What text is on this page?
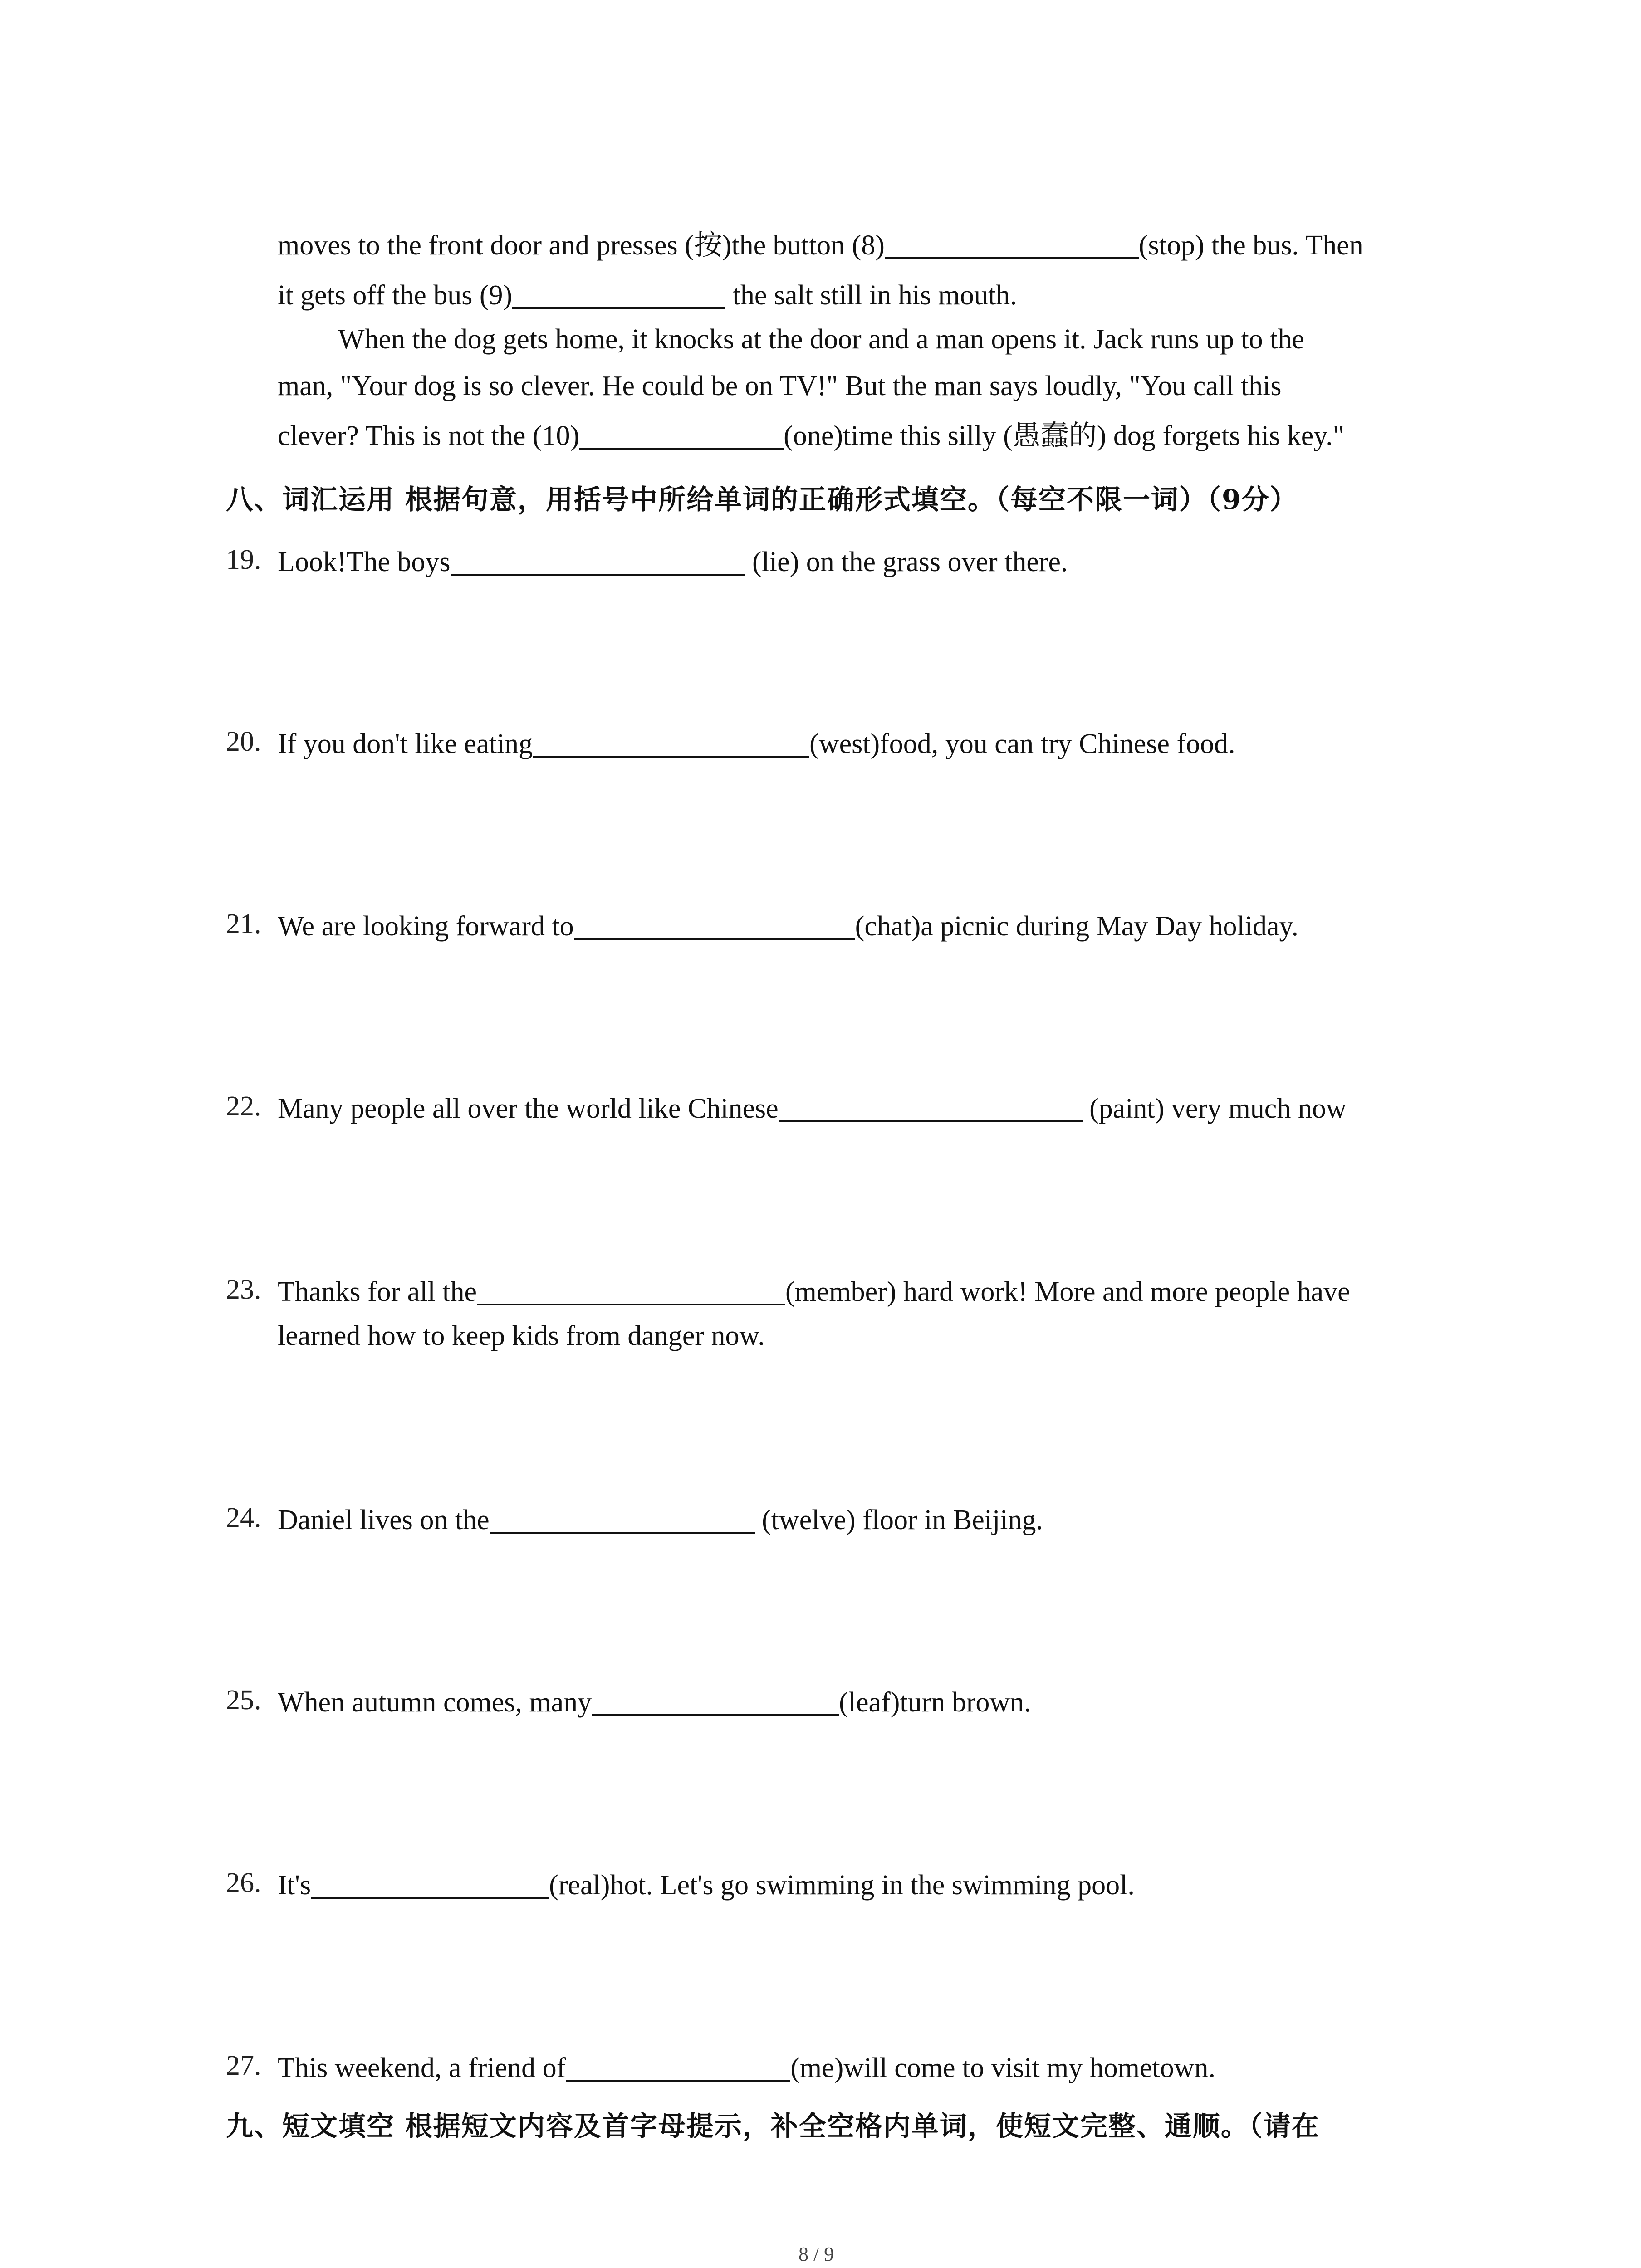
moves to the front door and presses (按)the button (8)	(stop) the bus. Then
it gets off the bus (9)	the salt still in his mouth.
When the dog gets home, it knocks at the door and a man opens it. Jack runs up to the
man, "Your dog is so clever. He could be on TV!" But the man says loudly, "You call this
clever? This is not the (10)	(one)time this silly (愚蠢的) dog forgets his key."
八、词汇运用 根据句意，用括号中所给单词的正确形式填空。（每空不限一词）（9分）
19. Look!The boys	(lie) on the grass over there.
20. If you don't like eating	(west)food, you can try Chinese food.
21. We are looking forward to	(chat)a picnic during May Day holiday.
22. Many people all over the world like Chinese	(paint) very much now
23. Thanks for all the	(member) hard work! More and more people have
learned how to keep kids from danger now.
24. Daniel lives on the	(twelve) floor in Beijing.
25. When autumn comes, many	(leaf)turn brown.
26. It's	(real)hot. Let's go swimming in the swimming pool.
27. This weekend, a friend of	(me)will come to visit my hometown.
九、短文填空 根据短文内容及首字母提示，补全空格内单词，使短文完整、通顺。（请在
8 / 9
